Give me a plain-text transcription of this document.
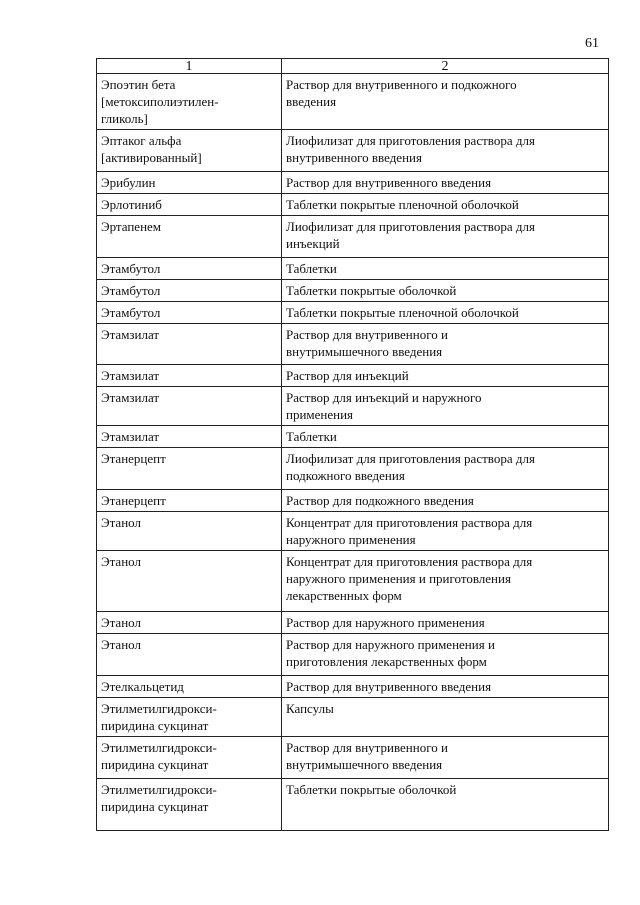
61
1	2

Эпоэтин бета
[метоксиполиэтилен-
гликоль]	Раствор для внутривенного и подкожного
введения

Эптаког альфа
[активированный]	Лиофилизат для приготовления раствора для
внутривенного введения

Эрибулин	Раствор для внутривенного введения

Эрлотиниб	Таблетки покрытые пленочной оболочкой

Эртапенем	Лиофилизат для приготовления раствора для
инъекций

Этамбутол	Таблетки

Этамбутол	Таблетки покрытые оболочкой

Этамбутол	Таблетки покрытые пленочной оболочкой

Этамзилат	Раствор для внутривенного и
внутримышечного введения

Этамзилат	Раствор для инъекций

Этамзилат	Раствор для инъекций и наружного
применения

Этамзилат	Таблетки

Этанерцепт	Лиофилизат для приготовления раствора для
подкожного введения

Этанерцепт	Раствор для подкожного введения

Этанол	Концентрат для приготовления раствора для
наружного применения

Этанол	Концентрат для приготовления раствора для
наружного применения и приготовления
лекарственных форм

Этанол	Раствор для наружного применения

Этанол	Раствор для наружного применения и
приготовления лекарственных форм

Этелкальцетид	Раствор для внутривенного введения

Этилметилгидрокси-
пиридина сукцинат	Капсулы

Этилметилгидрокси-
пиридина сукцинат	Раствор для внутривенного и
внутримышечного введения

Этилметилгидрокси-
пиридина сукцинат	Таблетки покрытые оболочкой
